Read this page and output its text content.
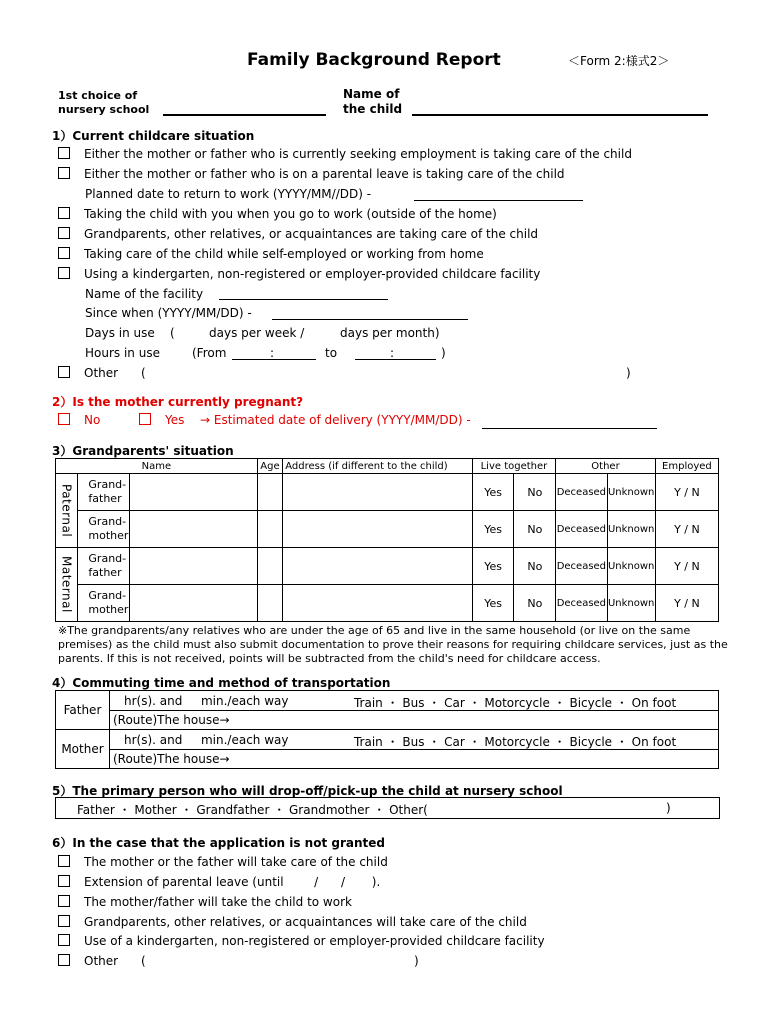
Family Background Report	＜Form 2:様式2＞
1st choice of
nursery school
Name of
the child
1）Current childcare situation
Either the mother or father who is currently seeking employment is taking care of the child
Either the mother or father who is on a parental leave is taking care of the child
Planned date to return to work (YYYY/MM//DD) -
Taking the child with you when you go to work (outside of the home)
Grandparents, other relatives, or acquaintances are taking care of the child
Taking care of the child while self-employed or working from home
Using a kindergarten, non-registered or employer-provided childcare facility
Name of the facility
Since when (YYYY/MM/DD) -
Days in use (	days per week /	days per month)
Hours in use	(From	:	to	:	)
Other (	)
2）Is the mother currently pregnant?
No	Yes → Estimated date of delivery (YYYY/MM/DD) -
3）Grandparents' situation
Name			Age	Address (if different to the child)	Live together		Other		Employed
Paternal	Grand-
father				Yes	No	Deceased	Unknown	Y / N
	Grand-
mother				Yes	No	Deceased	Unknown	Y / N
Maternal	Grand-
father				Yes	No	Deceased	Unknown	Y / N
	Grand-
mother				Yes	No	Deceased	Unknown	Y / N
※The grandparents/any relatives who are under the age of 65 and live in the same household (or live on the same
premises) as the child must also submit documentation to prove their reasons for requiring childcare services, just as the
parents. If this is not received, points will be subtracted from the child's need for childcare access.
4）Commuting time and method of transportation
Father	hr(s). and min./each way Train ・ Bus ・ Car ・ Motorcycle ・ Bicycle ・ On foot

	(Route)The house→
Mother	hr(s). and min./each way Train ・ Bus ・ Car ・ Motorcycle ・ Bicycle ・ On foot

	(Route)The house→
5）The primary person who will drop-off/pick-up the child at nursery school
Father ・ Mother ・ Grandfather ・ Grandmother ・ Other(	)
6）In the case that the application is not granted
The mother or the father will take care of the child
Extension of parental leave (until        /      /       ).
The mother/father will take the child to work
Grandparents, other relatives, or acquaintances will take care of the child
Use of a kindergarten, non-registered or employer-provided childcare facility
Other (	)
